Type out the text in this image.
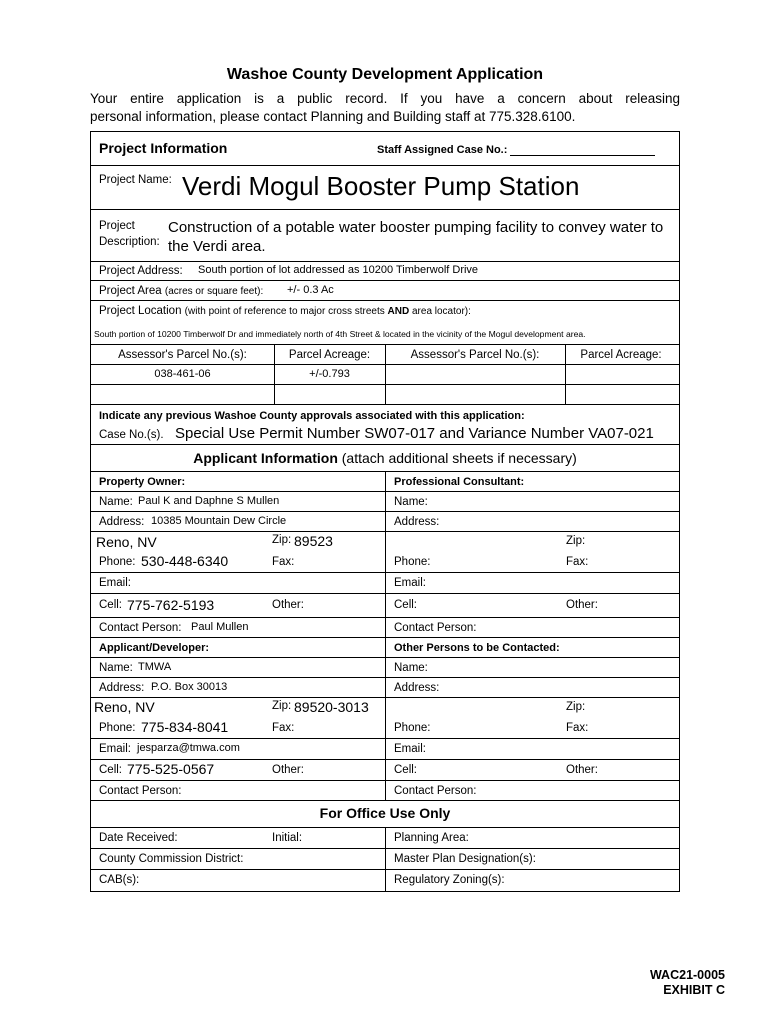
Washoe County Development Application
Your entire application is a public record. If you have a concern about releasing
personal information, please contact Planning and Building staff at 775.328.6100.
Project Information	Staff Assigned Case No.:
Project Name: Verdi Mogul Booster Pump Station
Project
Description:
Construction of a potable water booster pumping facility to convey water to
the Verdi area.
Project Address: South portion of lot addressed as 10200 Timberwolf Drive
Project Area (acres or square feet): +/- 0.3 Ac
Project Location (with point of reference to major cross streets AND area locator):
South portion of 10200 Timberwolf Dr and immediately north of 4th Street & located in the vicinity of the Mogul development area.
Assessor's Parcel No.(s):	Parcel Acreage:	Assessor's Parcel No.(s):	Parcel Acreage:
038-461-06	+/-0.793
Indicate any previous Washoe County approvals associated with this application:
Case No.(s). Special Use Permit Number SW07-017 and Variance Number VA07-021
Applicant Information (attach additional sheets if necessary)
Property Owner:	Professional Consultant:
Name: Paul K and Daphne S Mullen	Name:
Address: 10385 Mountain Dew Circle	Address:
Reno, NV	Zip: 89523	Zip:
Phone: 530-448-6340	Fax:	Phone:	Fax:
Email:	Email:
Cell: 775-762-5193	Other:	Cell:	Other:
Contact Person: Paul Mullen	Contact Person:
Applicant/Developer:	Other Persons to be Contacted:
Name: TMWA	Name:
Address: P.O. Box 30013	Address:
Reno, NV	Zip: 89520-3013	Zip:
Phone: 775-834-8041	Fax:	Phone:	Fax:
Email: jesparza@tmwa.com	Email:
Cell: 775-525-0567	Other:	Cell:	Other:
Contact Person:	Contact Person:
For Office Use Only
Date Received:	Initial:	Planning Area:
County Commission District:	Master Plan Designation(s):
CAB(s):	Regulatory Zoning(s):
WAC21-0005
EXHIBIT C
